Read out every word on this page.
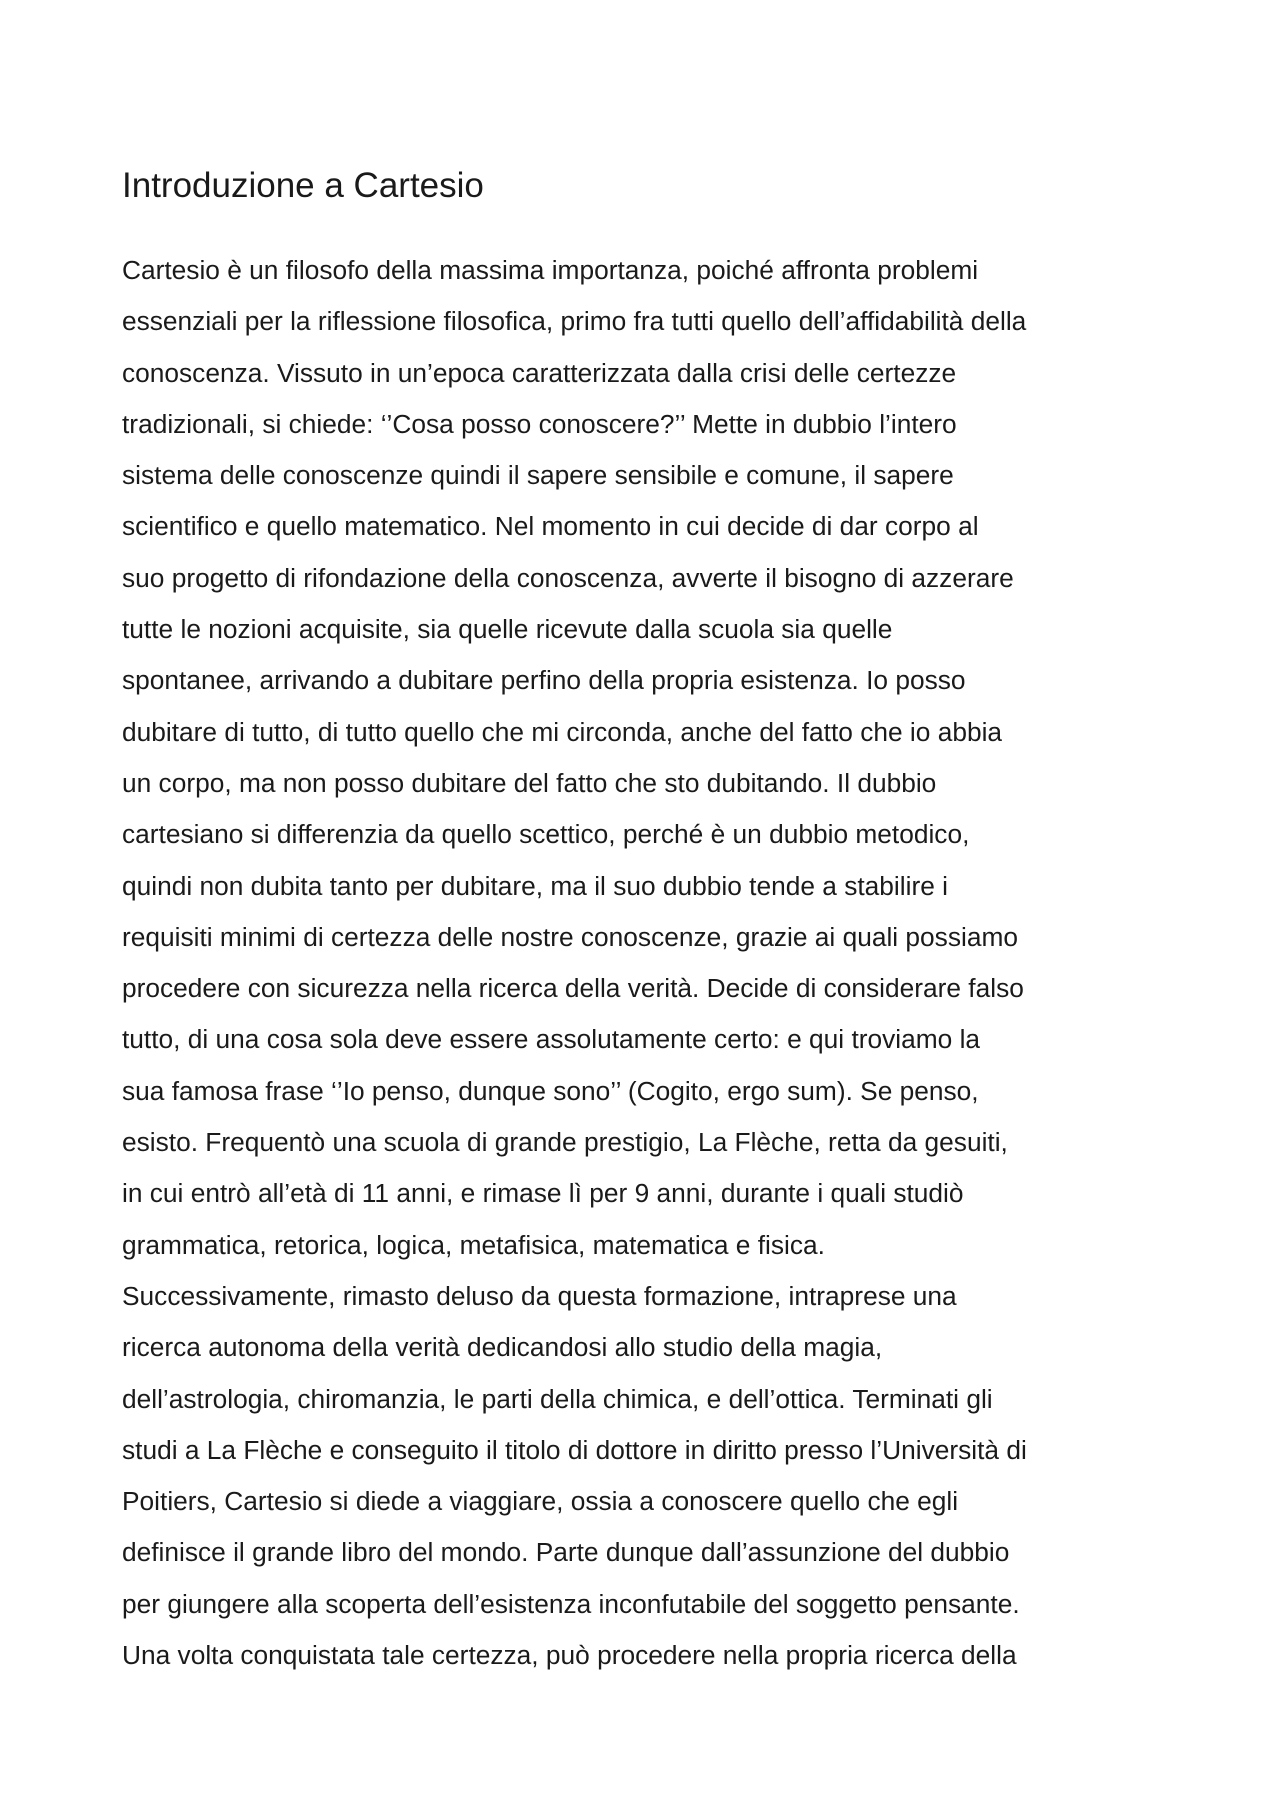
Introduzione a Cartesio
Cartesio è un filosofo della massima importanza, poiché affronta problemi
essenziali per la riflessione filosofica, primo fra tutti quello dell’affidabilità della
conoscenza. Vissuto in un’epoca caratterizzata dalla crisi delle certezze
tradizionali, si chiede: ‘’Cosa posso conoscere?’’ Mette in dubbio l’intero
sistema delle conoscenze quindi il sapere sensibile e comune, il sapere
scientifico e quello matematico. Nel momento in cui decide di dar corpo al
suo progetto di rifondazione della conoscenza, avverte il bisogno di azzerare
tutte le nozioni acquisite, sia quelle ricevute dalla scuola sia quelle
spontanee, arrivando a dubitare perfino della propria esistenza. Io posso
dubitare di tutto, di tutto quello che mi circonda, anche del fatto che io abbia
un corpo, ma non posso dubitare del fatto che sto dubitando. Il dubbio
cartesiano si differenzia da quello scettico, perché è un dubbio metodico,
quindi non dubita tanto per dubitare, ma il suo dubbio tende a stabilire i
requisiti minimi di certezza delle nostre conoscenze, grazie ai quali possiamo
procedere con sicurezza nella ricerca della verità. Decide di considerare falso
tutto, di una cosa sola deve essere assolutamente certo: e qui troviamo la
sua famosa frase ‘’Io penso, dunque sono’’ (Cogito, ergo sum). Se penso,
esisto. Frequentò una scuola di grande prestigio, La Flèche, retta da gesuiti,
in cui entrò all’età di 11 anni, e rimase lì per 9 anni, durante i quali studiò
grammatica, retorica, logica, metafisica, matematica e fisica.
Successivamente, rimasto deluso da questa formazione, intraprese una
ricerca autonoma della verità dedicandosi allo studio della magia,
dell’astrologia, chiromanzia, le parti della chimica, e dell’ottica. Terminati gli
studi a La Flèche e conseguito il titolo di dottore in diritto presso l’Università di
Poitiers, Cartesio si diede a viaggiare, ossia a conoscere quello che egli
definisce il grande libro del mondo. Parte dunque dall’assunzione del dubbio
per giungere alla scoperta dell’esistenza inconfutabile del soggetto pensante.
Una volta conquistata tale certezza, può procedere nella propria ricerca della
